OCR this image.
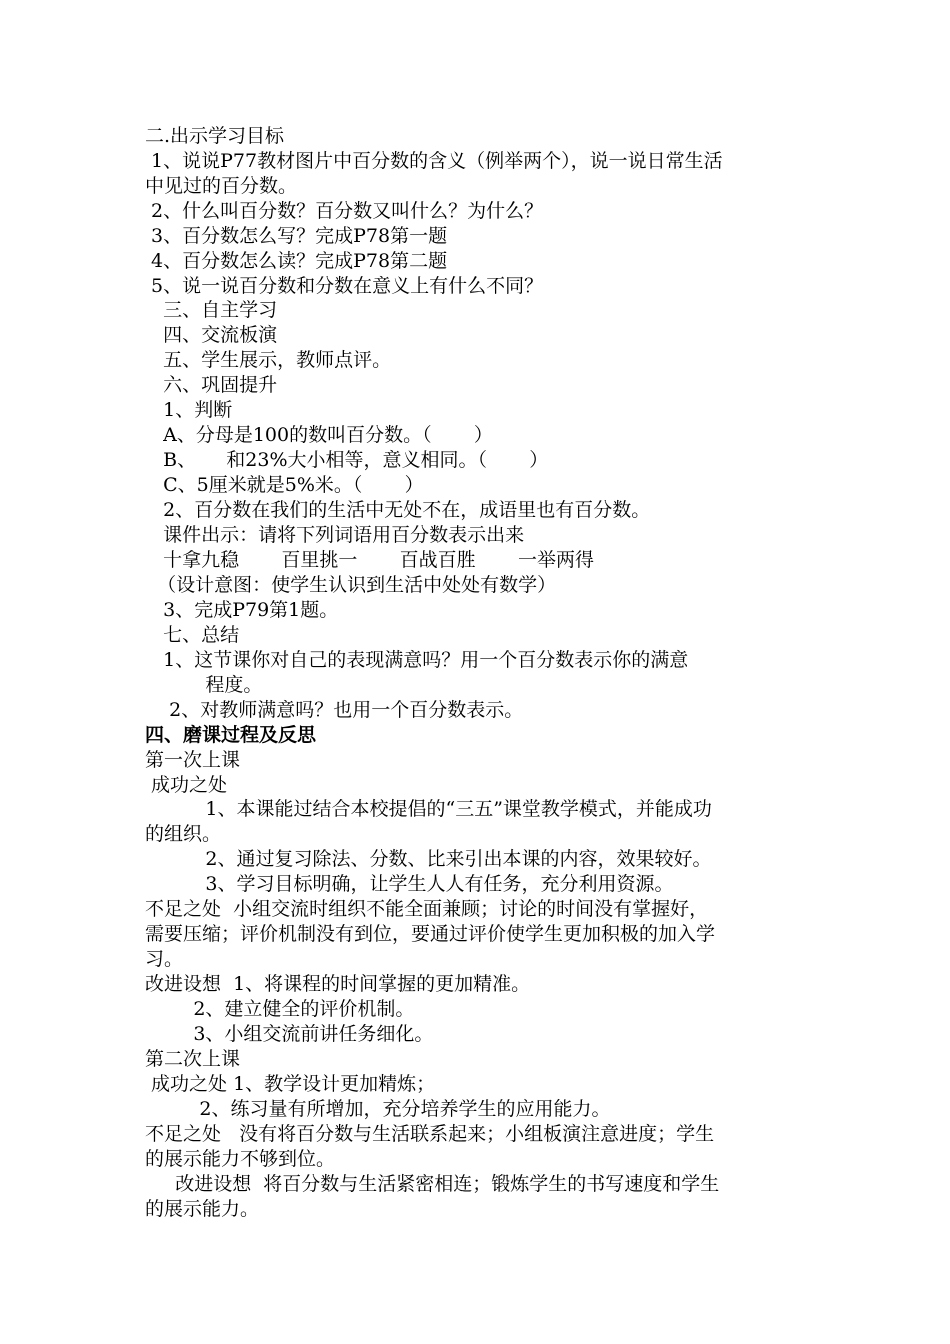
二.出示学习目标
1、说说P77教材图片中百分数的含义（例举两个），说一说日常生活
中见过的百分数。
2、什么叫百分数？百分数又叫什么？为什么？
3、百分数怎么写？完成P78第一题
4、百分数怎么读？完成P78第二题
5、说一说百分数和分数在意义上有什么不同？
三、自主学习
四、交流板演
五、学生展示，教师点评。
六、巩固提升
1、判断
A、分母是100的数叫百分数。（       ）
B、     和23%大小相等，意义相同。（       ）
C、5厘米就是5%米。（       ）
2、百分数在我们的生活中无处不在，成语里也有百分数。
课件出示：请将下列词语用百分数表示出来
十拿九稳       百里挑一       百战百胜       一举两得
（设计意图：使学生认识到生活中处处有数学）
3、完成P79第1题。
七、总结
1、这节课你对自己的表现满意吗？用一个百分数表示你的满意
程度。
2、对教师满意吗？也用一个百分数表示。
四、磨课过程及反思
第一次上课
成功之处
1、本课能过结合本校提倡的“三五”课堂教学模式，并能成功
的组织。
2、通过复习除法、分数、比来引出本课的内容，效果较好。
3、学习目标明确，让学生人人有任务，充分利用资源。
不足之处  小组交流时组织不能全面兼顾；讨论的时间没有掌握好，
需要压缩；评价机制没有到位，要通过评价使学生更加积极的加入学
习。
改进设想  1、将课程的时间掌握的更加精准。
2、建立健全的评价机制。
3、小组交流前讲任务细化。
第二次上课
成功之处 1、教学设计更加精炼；
2、练习量有所增加，充分培养学生的应用能力。
不足之处   没有将百分数与生活联系起来；小组板演注意进度；学生
的展示能力不够到位。
改进设想  将百分数与生活紧密相连；锻炼学生的书写速度和学生
的展示能力。
